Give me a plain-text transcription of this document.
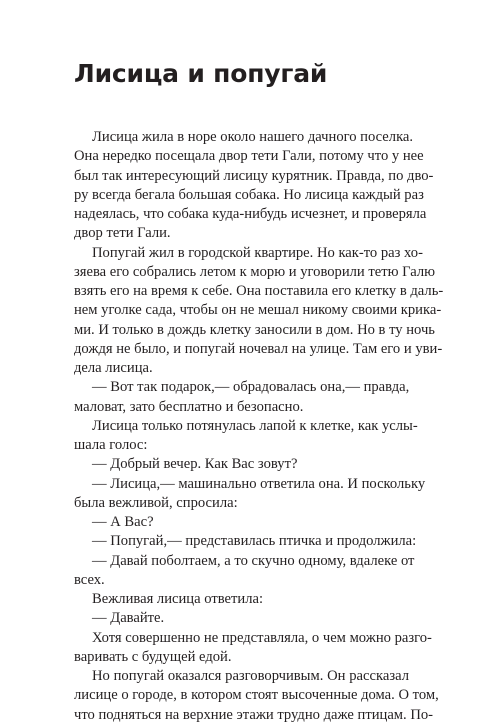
Лисица и попугай
Лисица жила в норе около нашего дачного поселка.
Она нередко посещала двор тети Гали, потому что у нее
был так интересующий лисицу курятник. Правда, по дво-
ру всегда бегала большая собака. Но лисица каждый раз
надеялась, что собака куда-нибудь исчезнет, и проверяла
двор тети Гали.
Попугай жил в городской квартире. Но как-то раз хо-
зяева его собрались летом к морю и уговорили тетю Галю
взять его на время к себе. Она поставила его клетку в даль-
нем уголке сада, чтобы он не мешал никому своими крика-
ми. И только в дождь клетку заносили в дом. Но в ту ночь
дождя не было, и попугай ночевал на улице. Там его и уви-
дела лисица.
— Вот так подарок,— обрадовалась она,— правда,
маловат, зато бесплатно и безопасно.
Лисица только потянулась лапой к клетке, как услы-
шала голос:
— Добрый вечер. Как Вас зовут?
— Лисица,— машинально ответила она. И поскольку
была вежливой, спросила:
— А Вас?
— Попугай,— представилась птичка и продолжила:
— Давай поболтаем, а то скучно одному, вдалеке от
всех.
Вежливая лисица ответила:
— Давайте.
Хотя совершенно не представляла, о чем можно разго-
варивать с будущей едой.
Но попугай оказался разговорчивым. Он рассказал
лисице о городе, в котором стоят высоченные дома. О том,
что подняться на верхние этажи трудно даже птицам. По-
